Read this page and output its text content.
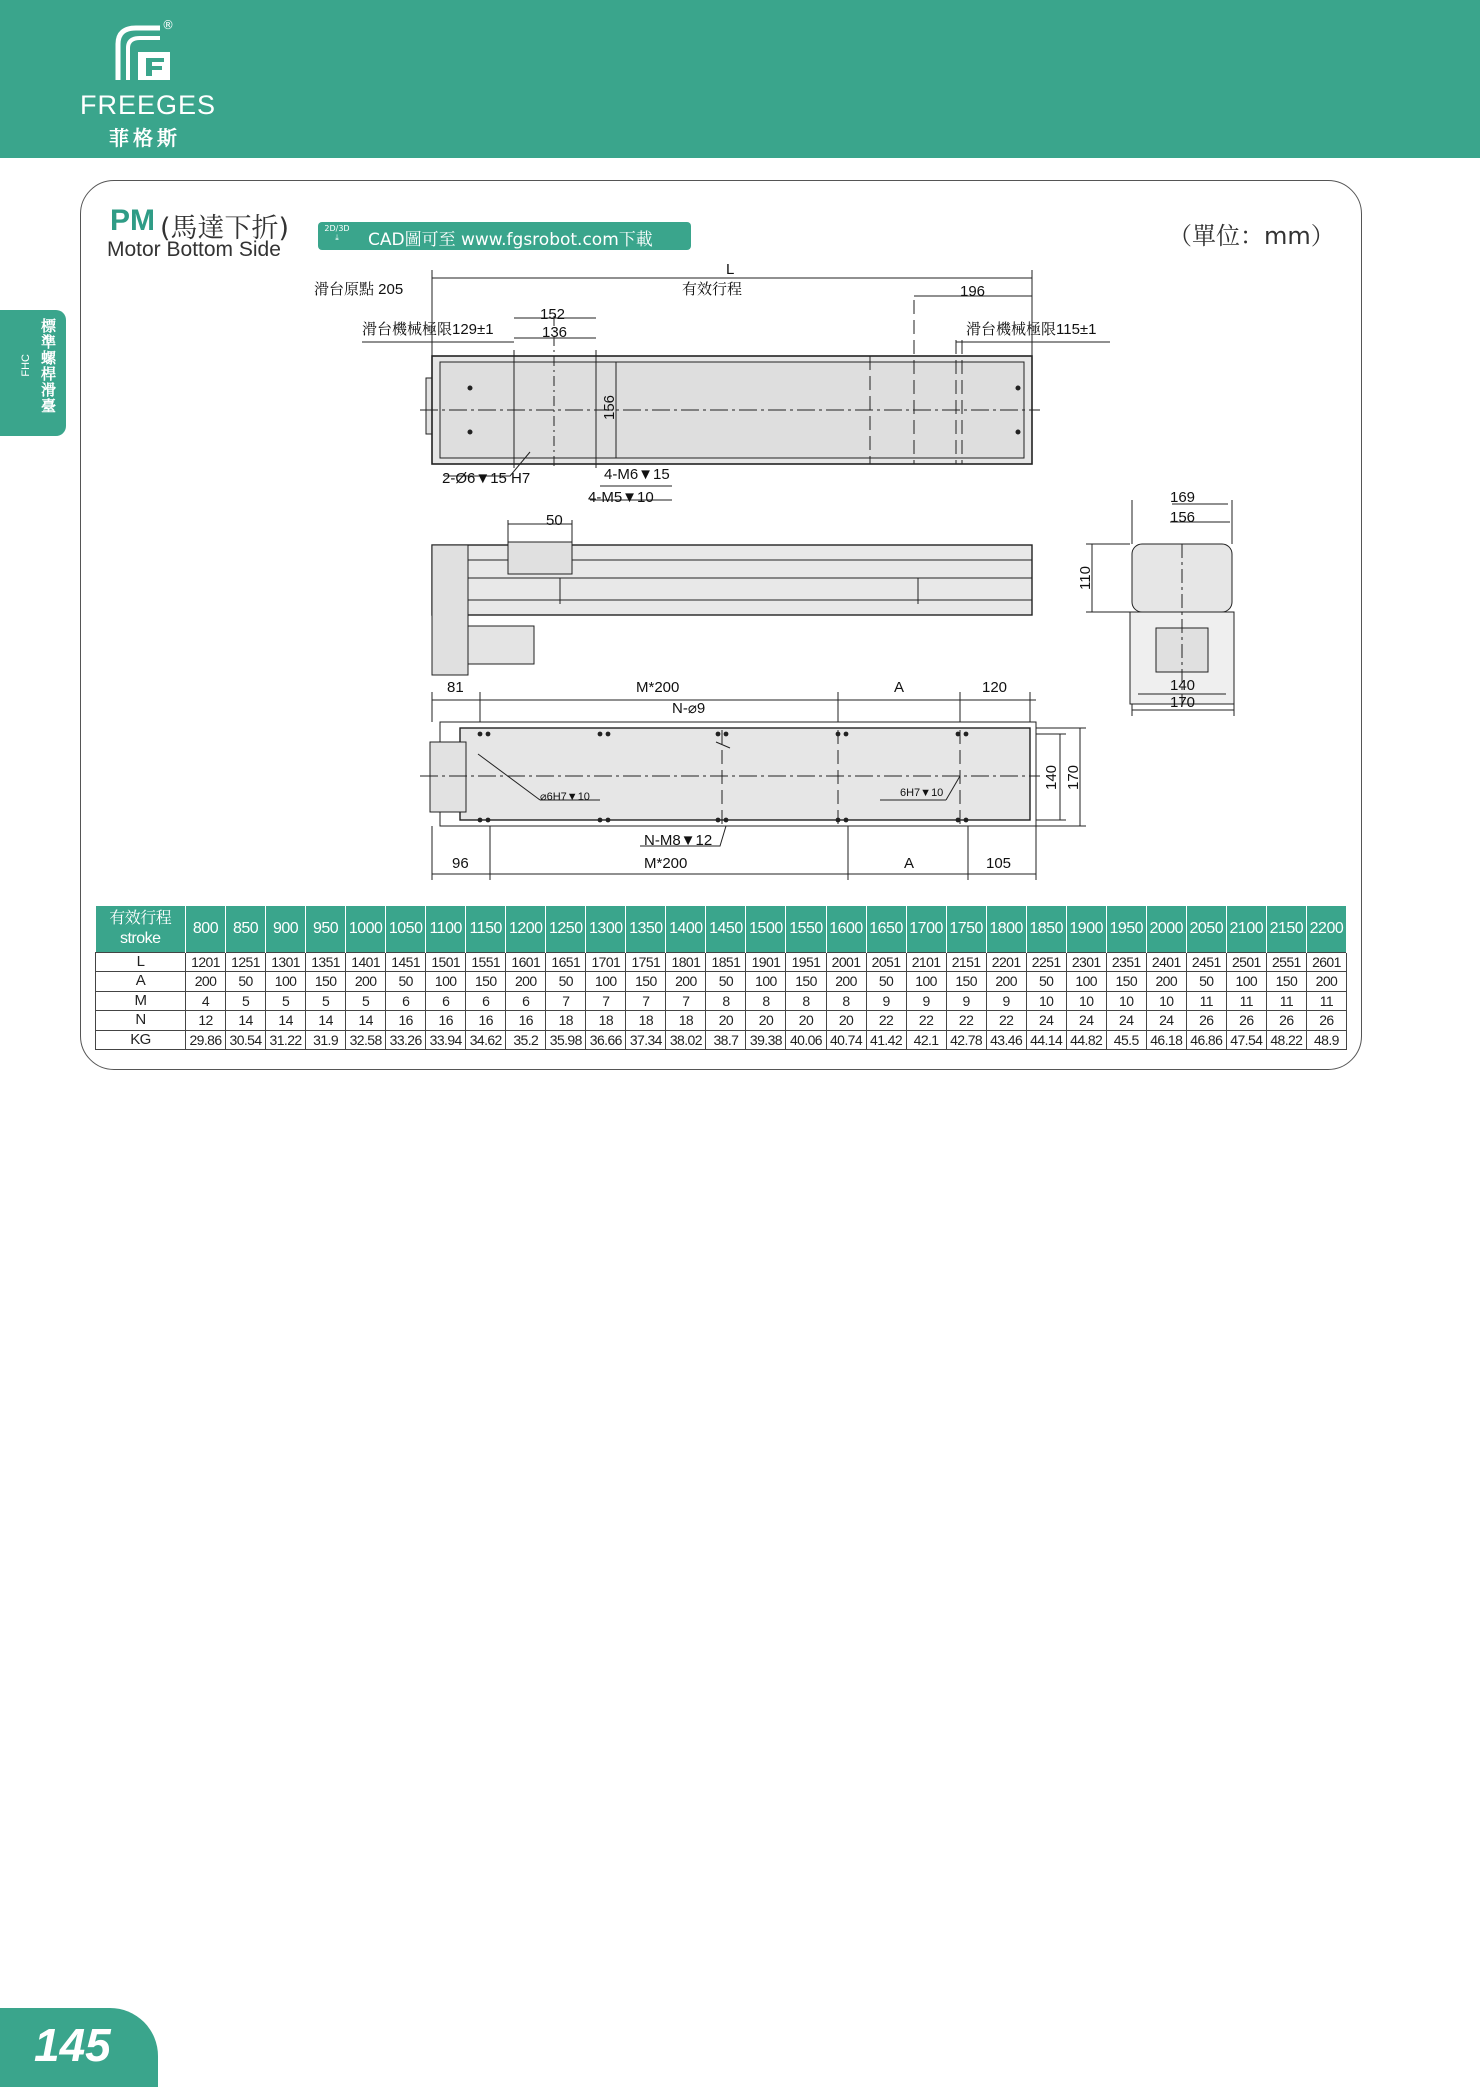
®
FREEGES
菲格斯
標準螺桿滑臺
FHC
PM (馬達下折)
Motor Bottom Side
2D/3D
⤓	CAD圖可至 www.fgsrobot.com下載	（單位：mm）
L
滑台原點 205	有效行程	196
152
136
滑台機械極限129±1	滑台機械極限115±1
156
2-Ø6▼15 H7	4-M6▼15
4-M5▼10
50
169
156
110
140
170
81	M*200	A	120
N-⌀9
⌀6H7▼10	6H7▼10
N-M8▼12
96	M*200	A	105
140 170
有效行程
stroke	800	850	900	950	1000	1050	1100	1150	1200	1250	1300	1350	1400	1450	1500	1550	1600	1650	1700	1750	1800	1850	1900	1950	2000	2050	2100	2150	2200
L	1201	1251	1301	1351	1401	1451	1501	1551	1601	1651	1701	1751	1801	1851	1901	1951	2001	2051	2101	2151	2201	2251	2301	2351	2401	2451	2501	2551	2601
A	200	50	100	150	200	50	100	150	200	50	100	150	200	50	100	150	200	50	100	150	200	50	100	150	200	50	100	150	200
M	4	5	5	5	5	6	6	6	6	7	7	7	7	8	8	8	8	9	9	9	9	10	10	10	10	11	11	11	11
N	12	14	14	14	14	16	16	16	16	18	18	18	18	20	20	20	20	22	22	22	22	24	24	24	24	26	26	26	26
KG	29.86	30.54	31.22	31.9	32.58	33.26	33.94	34.62	35.2	35.98	36.66	37.34	38.02	38.7	39.38	40.06	40.74	41.42	42.1	42.78	43.46	44.14	44.82	45.5	46.18	46.86	47.54	48.22	48.9
145
